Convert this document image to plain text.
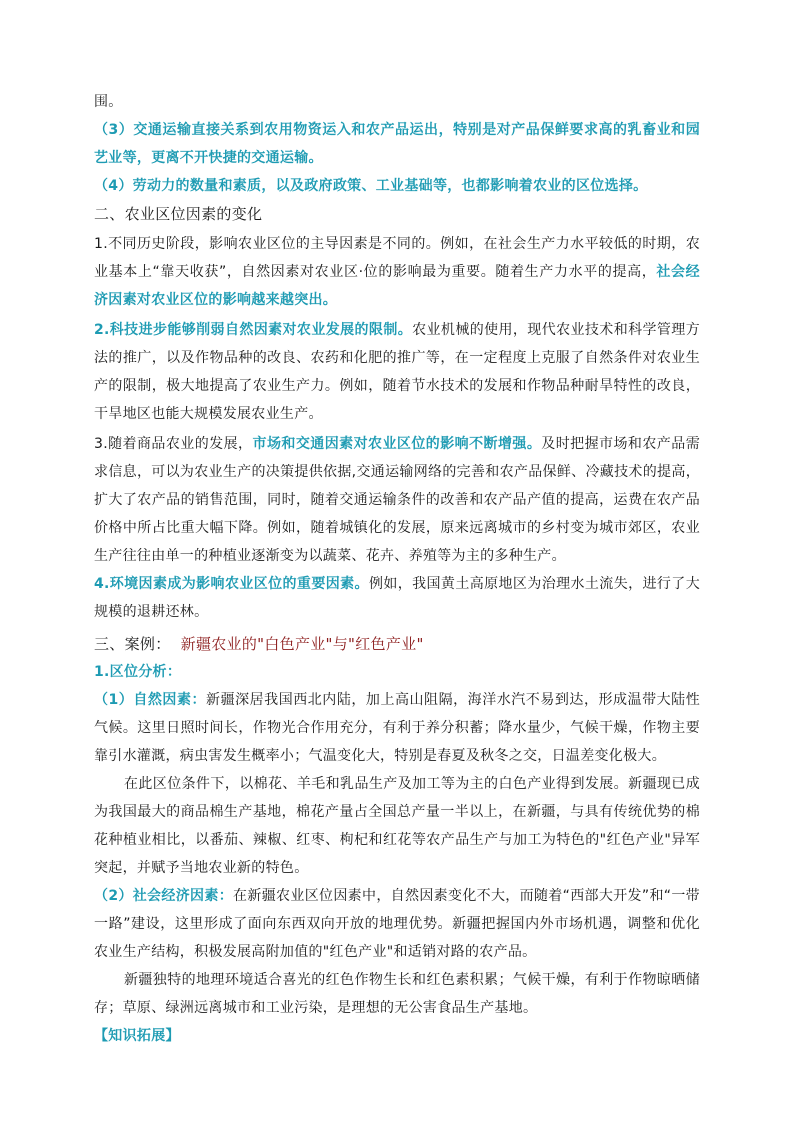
围。

（3）交通运输直接关系到农用物资运入和农产品运出，特别是对产品保鲜要求高的乳畜业和园艺业等，更离不开快捷的交通运输。

（4）劳动力的数量和素质，以及政府政策、工业基础等，也都影响着农业的区位选择。

二、农业区位因素的变化

1.不同历史阶段，影响农业区位的主导因素是不同的。例如，在社会生产力水平较低的时期，农业基本上“靠天收获”，自然因素对农业区·位的影响最为重要。随着生产力水平的提高，社会经济因素对农业区位的影响越来越突出。

2.科技进步能够削弱自然因素对农业发展的限制。农业机械的使用，现代农业技术和科学管理方法的推广，以及作物品种的改良、农药和化肥的推广等，在一定程度上克服了自然条件对农业生产的限制，极大地提高了农业生产力。例如，随着节水技术的发展和作物品种耐旱特性的改良，干旱地区也能大规模发展农业生产。

3.随着商品农业的发展，市场和交通因素对农业区位的影响不断增强。及时把握市场和农产品需求信息，可以为农业生产的决策提供依据,交通运输网络的完善和农产品保鲜、冷藏技术的提高，扩大了农产品的销售范围，同时，随着交通运输条件的改善和农产品产值的提高，运费在农产品价格中所占比重大幅下降。例如，随着城镇化的发展，原来远离城市的乡村变为城市郊区，农业生产往往由单一的种植业逐渐变为以蔬菜、花卉、养殖等为主的多种生产。

4.环境因素成为影响农业区位的重要因素。例如，我国黄土高原地区为治理水土流失，进行了大规模的退耕还林。

三、案例： 新疆农业的"白色产业"与"红色产业"

1.区位分析：

（1）自然因素：新疆深居我国西北内陆，加上高山阻隔，海洋水汽不易到达，形成温带大陆性气候。这里日照时间长，作物光合作用充分，有利于养分积蓄；降水量少，气候干燥，作物主要靠引水灌溉，病虫害发生概率小；气温变化大，特别是春夏及秋冬之交，日温差变化极大。

在此区位条件下，以棉花、羊毛和乳品生产及加工等为主的白色产业得到发展。新疆现已成为我国最大的商品棉生产基地，棉花产量占全国总产量一半以上，在新疆，与具有传统优势的棉花种植业相比，以番茄、辣椒、红枣、枸杞和红花等农产品生产与加工为特色的"红色产业"异军突起，并赋予当地农业新的特色。

（2）社会经济因素：在新疆农业区位因素中，自然因素变化不大，而随着“西部大开发”和“一带一路”建设，这里形成了面向东西双向开放的地理优势。新疆把握国内外市场机遇，调整和优化农业生产结构，积极发展高附加值的"红色产业"和适销对路的农产品。

新疆独特的地理环境适合喜光的红色作物生长和红色素积累；气候干燥，有利于作物晾晒储存；草原、绿洲远离城市和工业污染，是理想的无公害食品生产基地。

【知识拓展】
